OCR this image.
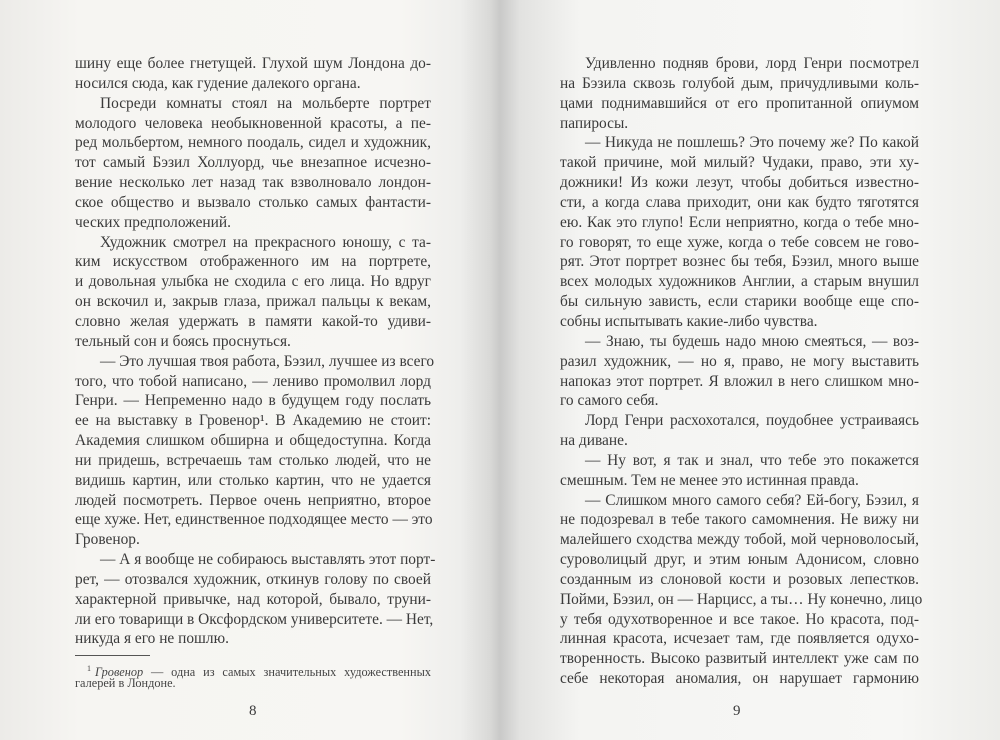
шину еще более гнетущей. Глухой шум Лондона до-
носился сюда, как гудение далекого органа.
Посреди комнаты стоял на мольберте портрет
молодого человека необыкновенной красоты, а пе-
ред мольбертом, немного поодаль, сидел и художник,
тот самый Бэзил Холлуорд, чье внезапное исчезно-
вение несколько лет назад так взволновало лондон-
ское общество и вызвало столько самых фантасти-
ческих предположений.
Художник смотрел на прекрасного юношу, с та-
ким искусством отображенного им на портрете,
и довольная улыбка не сходила с его лица. Но вдруг
он вскочил и, закрыв глаза, прижал пальцы к векам,
словно желая удержать в памяти какой-то удиви-
тельный сон и боясь проснуться.
— Это лучшая твоя работа, Бэзил, лучшее из всего
того, что тобой написано, — лениво промолвил лорд
Генри. — Непременно надо в будущем году послать
ее на выставку в Гровенор¹. В Академию не стоит:
Академия слишком обширна и общедоступна. Когда
ни придешь, встречаешь там столько людей, что не
видишь картин, или столько картин, что не удается
людей посмотреть. Первое очень неприятно, второе
еще хуже. Нет, единственное подходящее место — это
Гровенор.
— А я вообще не собираюсь выставлять этот порт-
рет, — отозвался художник, откинув голову по своей
характерной привычке, над которой, бывало, труни-
ли его товарищи в Оксфордском университете. — Нет,
никуда я его не пошлю.
$^1$ Гровенор — одна из самых значительных художественных
галерей в Лондоне.
8
Удивленно подняв брови, лорд Генри посмотрел
на Бэзила сквозь голубой дым, причудливыми коль-
цами поднимавшийся от его пропитанной опиумом
папиросы.
— Никуда не пошлешь? Это почему же? По какой
такой причине, мой милый? Чудаки, право, эти ху-
дожники! Из кожи лезут, чтобы добиться известно-
сти, а когда слава приходит, они как будто тяготятся
ею. Как это глупо! Если неприятно, когда о тебе мно-
го говорят, то еще хуже, когда о тебе совсем не гово-
рят. Этот портрет вознес бы тебя, Бэзил, много выше
всех молодых художников Англии, а старым внушил
бы сильную зависть, если старики вообще еще спо-
собны испытывать какие-либо чувства.
— Знаю, ты будешь надо мною смеяться, — воз-
разил художник, — но я, право, не могу выставить
напоказ этот портрет. Я вложил в него слишком мно-
го самого себя.
Лорд Генри расхохотался, поудобнее устраиваясь
на диване.
— Ну вот, я так и знал, что тебе это покажется
смешным. Тем не менее это истинная правда.
— Слишком много самого себя? Ей-богу, Бэзил, я
не подозревал в тебе такого самомнения. Не вижу ни
малейшего сходства между тобой, мой черноволосый,
суроволицый друг, и этим юным Адонисом, словно
созданным из слоновой кости и розовых лепестков.
Пойми, Бэзил, он — Нарцисс, а ты… Ну конечно, лицо
у тебя одухотворенное и все такое. Но красота, под-
линная красота, исчезает там, где появляется одухо-
творенность. Высоко развитый интеллект уже сам по
себе некоторая аномалия, он нарушает гармонию
9
